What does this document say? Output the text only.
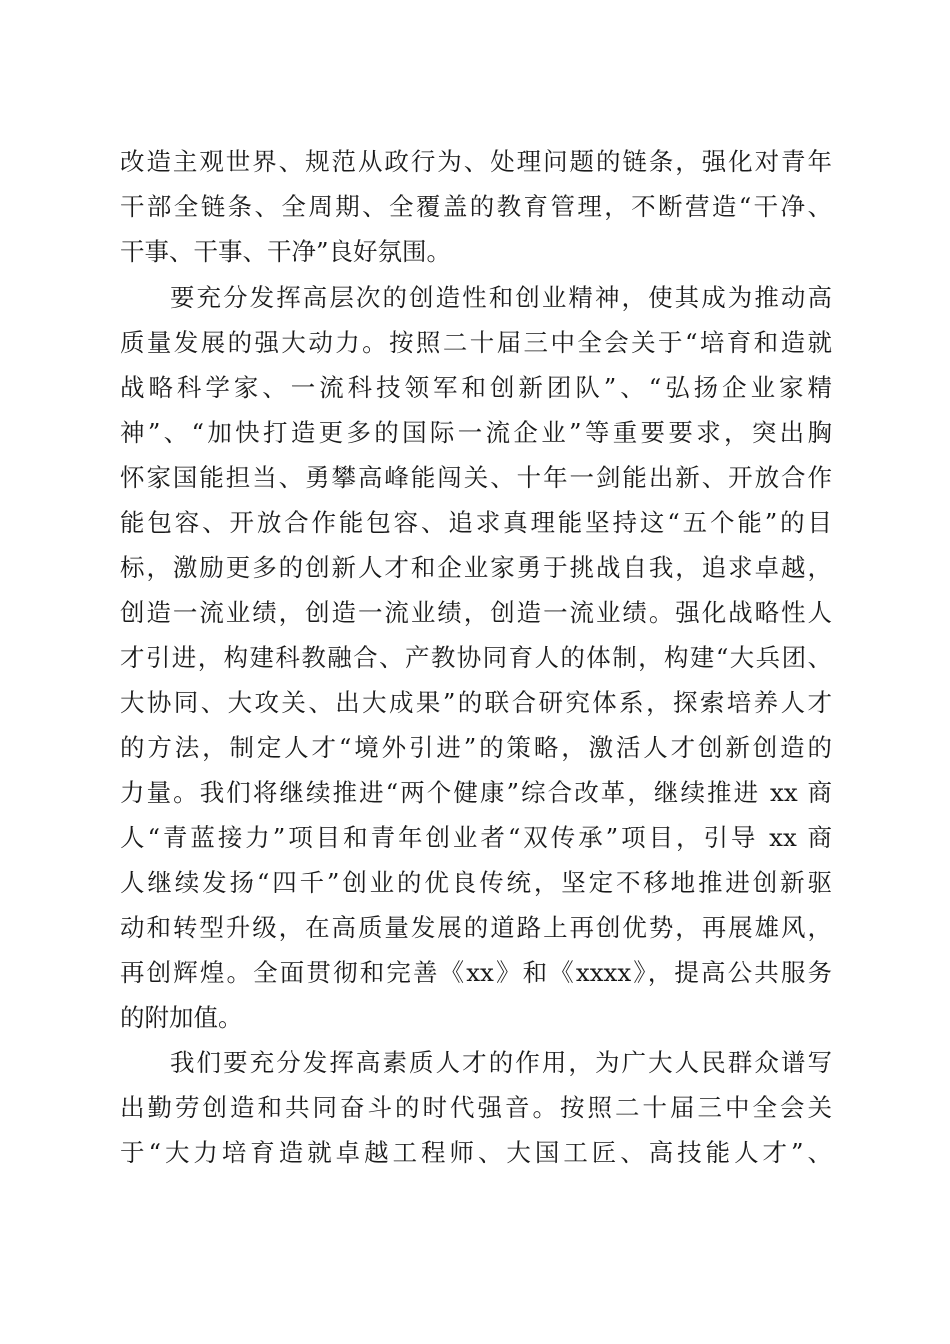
改造主观世界、规范从政行为、处理问题的链条，强化对青年
干部全链条、全周期、全覆盖的教育管理，不断营造“干净、
干事、干事、干净”良好氛围。
要充分发挥高层次的创造性和创业精神，使其成为推动高
质量发展的强大动力。按照二十届三中全会关于“培育和造就
战略科学家、一流科技领军和创新团队”、“弘扬企业家精
神”、“加快打造更多的国际一流企业”等重要要求，突出胸
怀家国能担当、勇攀高峰能闯关、十年一剑能出新、开放合作
能包容、开放合作能包容、追求真理能坚持这“五个能”的目
标，激励更多的创新人才和企业家勇于挑战自我，追求卓越，
创造一流业绩，创造一流业绩，创造一流业绩。强化战略性人
才引进，构建科教融合、产教协同育人的体制，构建“大兵团、
大协同、大攻关、出大成果”的联合研究体系，探索培养人才
的方法，制定人才“境外引进”的策略，激活人才创新创造的
力量。我们将继续推进“两个健康”综合改革，继续推进 xx 商
人“青蓝接力”项目和青年创业者“双传承”项目，引导 xx 商
人继续发扬“四千”创业的优良传统，坚定不移地推进创新驱
动和转型升级，在高质量发展的道路上再创优势，再展雄风，
再创辉煌。全面贯彻和完善《xx》和《xxxx》，提高公共服务
的附加值。
我们要充分发挥高素质人才的作用，为广大人民群众谱写
出勤劳创造和共同奋斗的时代强音。按照二十届三中全会关
于“大力培育造就卓越工程师、大国工匠、高技能人才”、
